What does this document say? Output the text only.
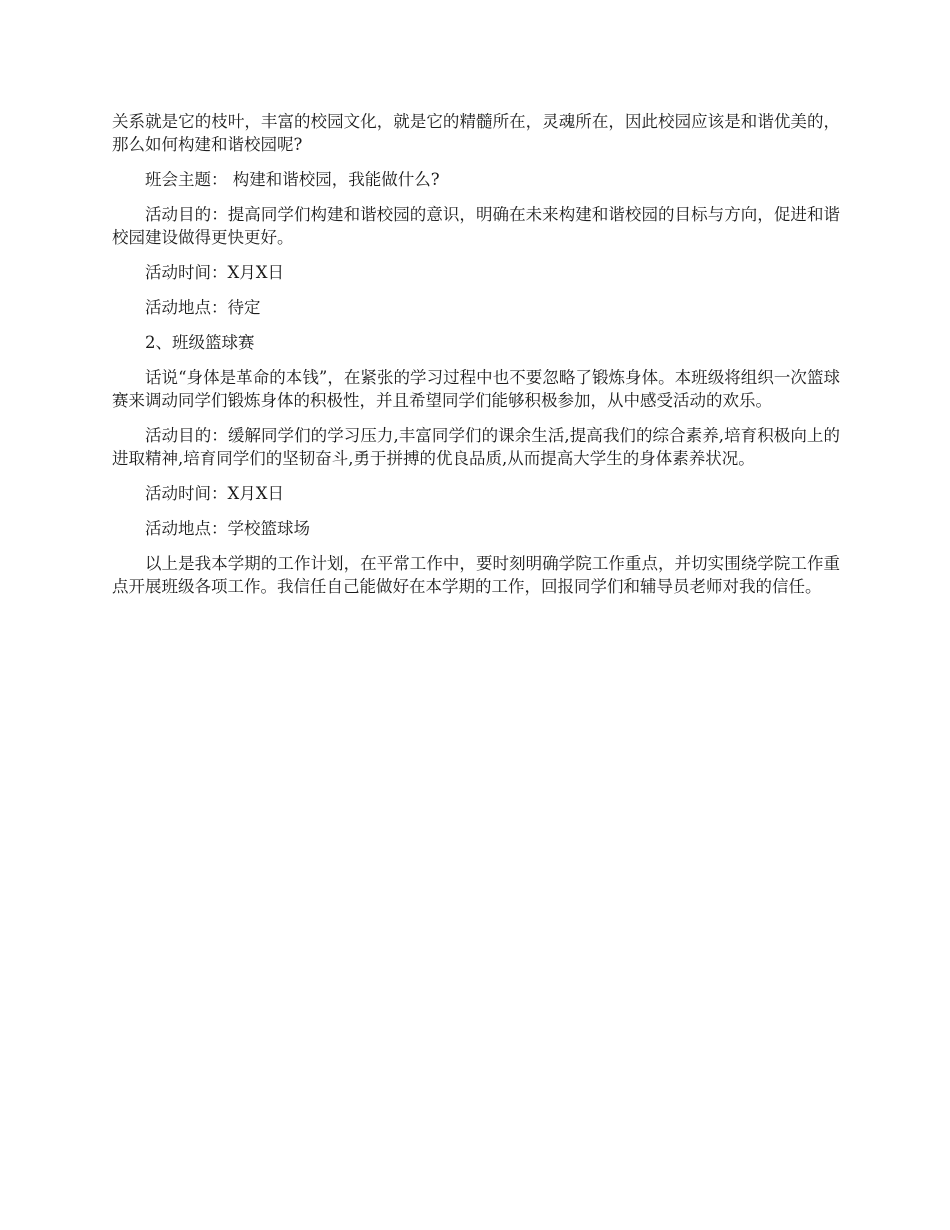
关系就是它的枝叶，丰富的校园文化，就是它的精髓所在，灵魂所在，因此校园应该是和谐优美的，那么如何构建和谐校园呢?

班会主题： 构建和谐校园，我能做什么?

活动目的：提高同学们构建和谐校园的意识，明确在未来构建和谐校园的目标与方向，促进和谐校园建设做得更快更好。

活动时间：X月X日

活动地点：待定

2、班级篮球赛

话说“身体是革命的本钱”，在紧张的学习过程中也不要忽略了锻炼身体。本班级将组织一次篮球赛来调动同学们锻炼身体的积极性，并且希望同学们能够积极参加，从中感受活动的欢乐。

活动目的：缓解同学们的学习压力,丰富同学们的课余生活,提高我们的综合素养,培育积极向上的进取精神,培育同学们的坚韧奋斗,勇于拼搏的优良品质,从而提高大学生的身体素养状况。

活动时间：X月X日

活动地点：学校篮球场

以上是我本学期的工作计划，在平常工作中，要时刻明确学院工作重点，并切实围绕学院工作重点开展班级各项工作。我信任自己能做好在本学期的工作，回报同学们和辅导员老师对我的信任。
